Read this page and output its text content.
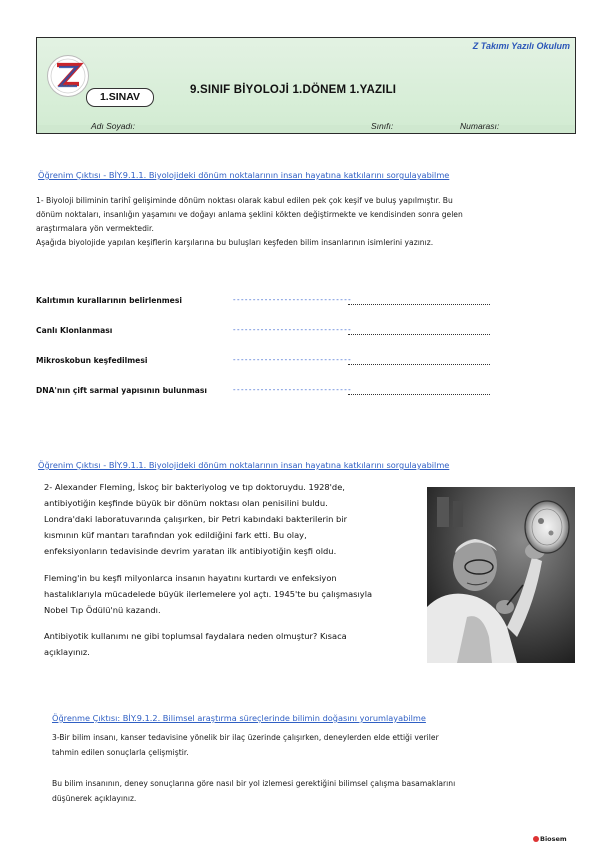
Z Takımı Yazılı Okulum
TAKIMI
1.SINAV
9.SINIF BİYOLOJİ 1.DÖNEM 1.YAZILI
Adı Soyadı:	Sınıfı:	Numarası:
Öğrenim Çıktısı - BİY.9.1.1. Biyolojideki dönüm noktalarının insan hayatına katkılarını sorgulayabilme
1- Biyoloji biliminin tarihî gelişiminde dönüm noktası olarak kabul edilen pek çok keşif ve buluş yapılmıştır. Bu
dönüm noktaları, insanlığın yaşamını ve doğayı anlama şeklini kökten değiştirmekte ve kendisinden sonra gelen
araştırmalara yön vermektedir.
Aşağıda biyolojide yapılan keşiflerin karşılarına bu buluşları keşfeden bilim insanlarının isimlerini yazınız.
Kalıtımın kurallarının belirlenmesi	------------------------------
Canlı Klonlanması	------------------------------
Mikroskobun keşfedilmesi	------------------------------
DNA'nın çift sarmal yapısının bulunması	------------------------------
Öğrenim Çıktısı - BİY.9.1.1. Biyolojideki dönüm noktalarının insan hayatına katkılarını sorgulayabilme
2- Alexander Fleming, İskoç bir bakteriyolog ve tıp doktoruydu. 1928'de,
antibiyotiğin keşfinde büyük bir dönüm noktası olan penisilini buldu.
Londra'daki laboratuvarında çalışırken, bir Petri kabındaki bakterilerin bir
kısmının küf mantarı tarafından yok edildiğini fark etti. Bu olay,
enfeksiyonların tedavisinde devrim yaratan ilk antibiyotiğin keşfi oldu.
Fleming'in bu keşfi milyonlarca insanın hayatını kurtardı ve enfeksiyon
hastalıklarıyla mücadelede büyük ilerlemelere yol açtı. 1945'te bu çalışmasıyla
Nobel Tıp Ödülü'nü kazandı.
Antibiyotik kullanımı ne gibi toplumsal faydalara neden olmuştur? Kısaca
açıklayınız.
Öğrenme Çıktısı: BİY.9.1.2. Bilimsel araştırma süreçlerinde bilimin doğasını yorumlayabilme
3-Bir bilim insanı, kanser tedavisine yönelik bir ilaç üzerinde çalışırken, deneylerden elde ettiği veriler
tahmin edilen sonuçlarla çelişmiştir.
Bu bilim insanının, deney sonuçlarına göre nasıl bir yol izlemesi gerektiğini bilimsel çalışma basamaklarını
düşünerek açıklayınız.
Biosem
